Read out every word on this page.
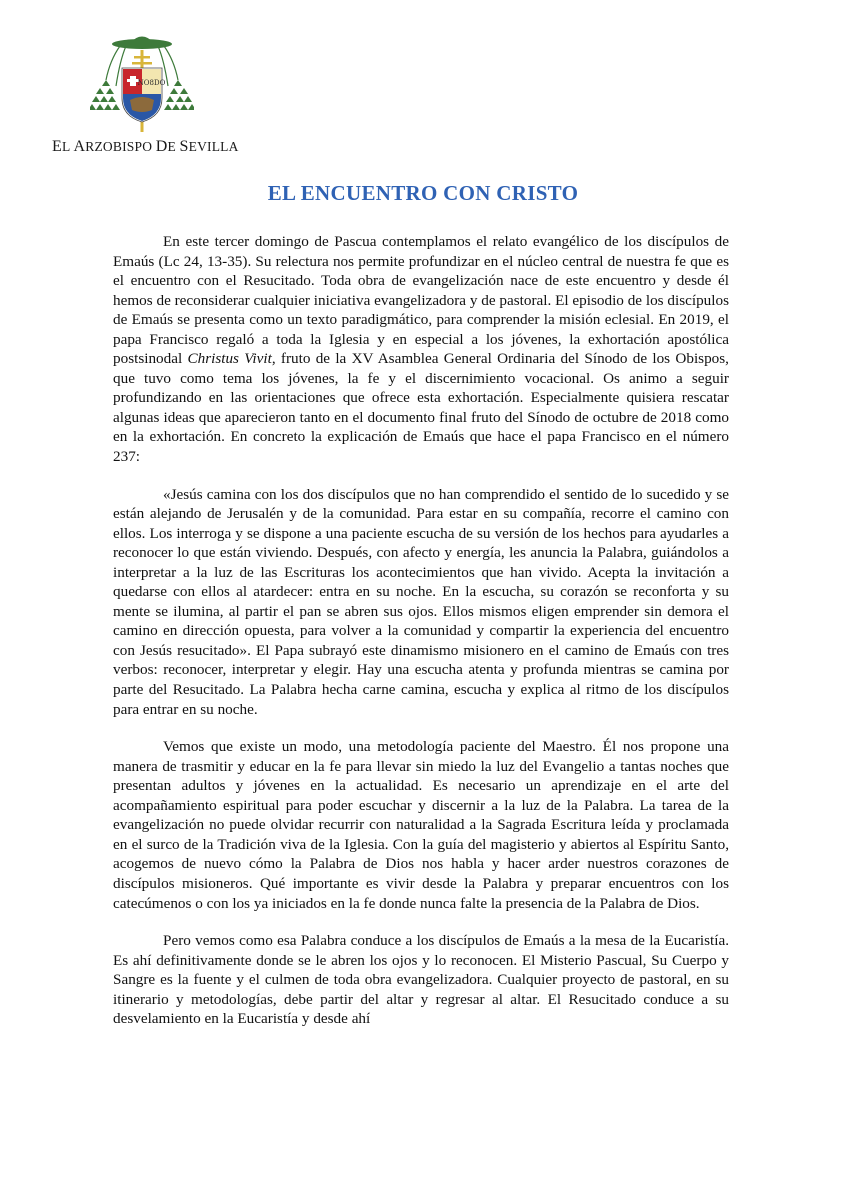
NO8DO
EL ARZOBISPO DE SEVILLA
EL ENCUENTRO CON CRISTO

En este tercer domingo de Pascua contemplamos el relato evangélico de los discípulos de Emaús (Lc 24, 13-35). Su relectura nos permite profundizar en el núcleo central de nuestra fe que es el encuentro con el Resucitado. Toda obra de evangelización nace de este encuentro y desde él hemos de reconsiderar cualquier iniciativa evangelizadora y de pastoral. El episodio de los discípulos de Emaús se presenta como un texto paradigmático, para comprender la misión eclesial. En 2019, el papa Francisco regaló a toda la Iglesia y en especial a los jóvenes, la exhortación apostólica postsinodal Christus Vivit, fruto de la XV Asamblea General Ordinaria del Sínodo de los Obispos, que tuvo como tema los jóvenes, la fe y el discernimiento vocacional. Os animo a seguir profundizando en las orientaciones que ofrece esta exhortación. Especialmente quisiera rescatar algunas ideas que aparecieron tanto en el documento final fruto del Sínodo de octubre de 2018 como en la exhortación. En concreto la explicación de Emaús que hace el papa Francisco en el número 237:

«Jesús camina con los dos discípulos que no han comprendido el sentido de lo sucedido y se están alejando de Jerusalén y de la comunidad. Para estar en su compañía, recorre el camino con ellos. Los interroga y se dispone a una paciente escucha de su versión de los hechos para ayudarles a reconocer lo que están viviendo. Después, con afecto y energía, les anuncia la Palabra, guiándolos a interpretar a la luz de las Escrituras los acontecimientos que han vivido. Acepta la invitación a quedarse con ellos al atardecer: entra en su noche. En la escucha, su corazón se reconforta y su mente se ilumina, al partir el pan se abren sus ojos. Ellos mismos eligen emprender sin demora el camino en dirección opuesta, para volver a la comunidad y compartir la experiencia del encuentro con Jesús resucitado». El Papa subrayó este dinamismo misionero en el camino de Emaús con tres verbos: reconocer, interpretar y elegir. Hay una escucha atenta y profunda mientras se camina por parte del Resucitado. La Palabra hecha carne camina, escucha y explica al ritmo de los discípulos para entrar en su noche.

Vemos que existe un modo, una metodología paciente del Maestro. Él nos propone una manera de trasmitir y educar en la fe para llevar sin miedo la luz del Evangelio a tantas noches que presentan adultos y jóvenes en la actualidad. Es necesario un aprendizaje en el arte del acompañamiento espiritual para poder escuchar y discernir a la luz de la Palabra. La tarea de la evangelización no puede olvidar recurrir con naturalidad a la Sagrada Escritura leída y proclamada en el surco de la Tradición viva de la Iglesia. Con la guía del magisterio y abiertos al Espíritu Santo, acogemos de nuevo cómo la Palabra de Dios nos habla y hacer arder nuestros corazones de discípulos misioneros. Qué importante es vivir desde la Palabra y preparar encuentros con los catecúmenos o con los ya iniciados en la fe donde nunca falte la presencia de la Palabra de Dios.

Pero vemos como esa Palabra conduce a los discípulos de Emaús a la mesa de la Eucaristía. Es ahí definitivamente donde se le abren los ojos y lo reconocen. El Misterio Pascual, Su Cuerpo y Sangre es la fuente y el culmen de toda obra evangelizadora. Cualquier proyecto de pastoral, en su itinerario y metodologías, debe partir del altar y regresar al altar. El Resucitado conduce a su desvelamiento en la Eucaristía y desde ahí
